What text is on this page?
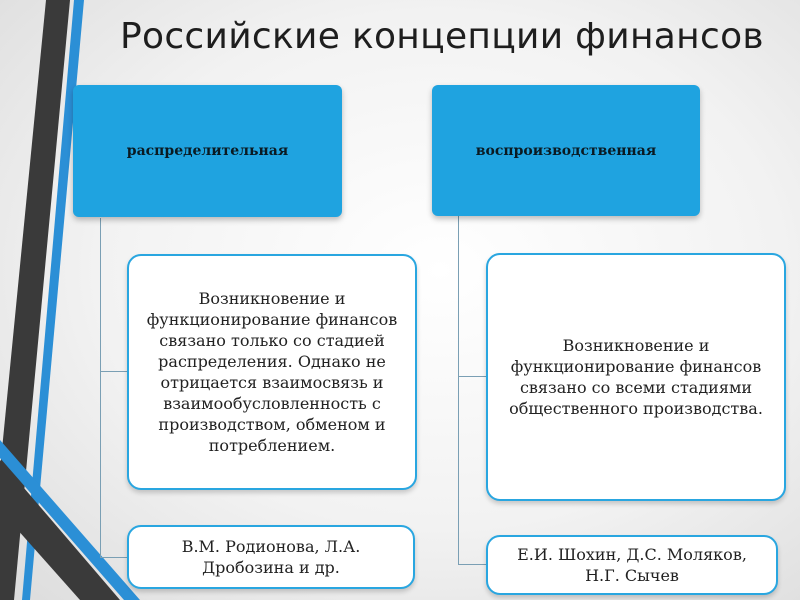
Российские концепции финансов
распределительная
Возникновение и функционирование финансов связано только со стадией распределения. Однако не отрицается взаимосвязь и взаимообусловленность с производством, обменом и потреблением.
В.М. Родионова, Л.А. Дробозина и др.
воспроизводственная
Возникновение и функционирование финансов связано со всеми стадиями общественного производства.
Е.И. Шохин, Д.С. Моляков, Н.Г. Сычев
